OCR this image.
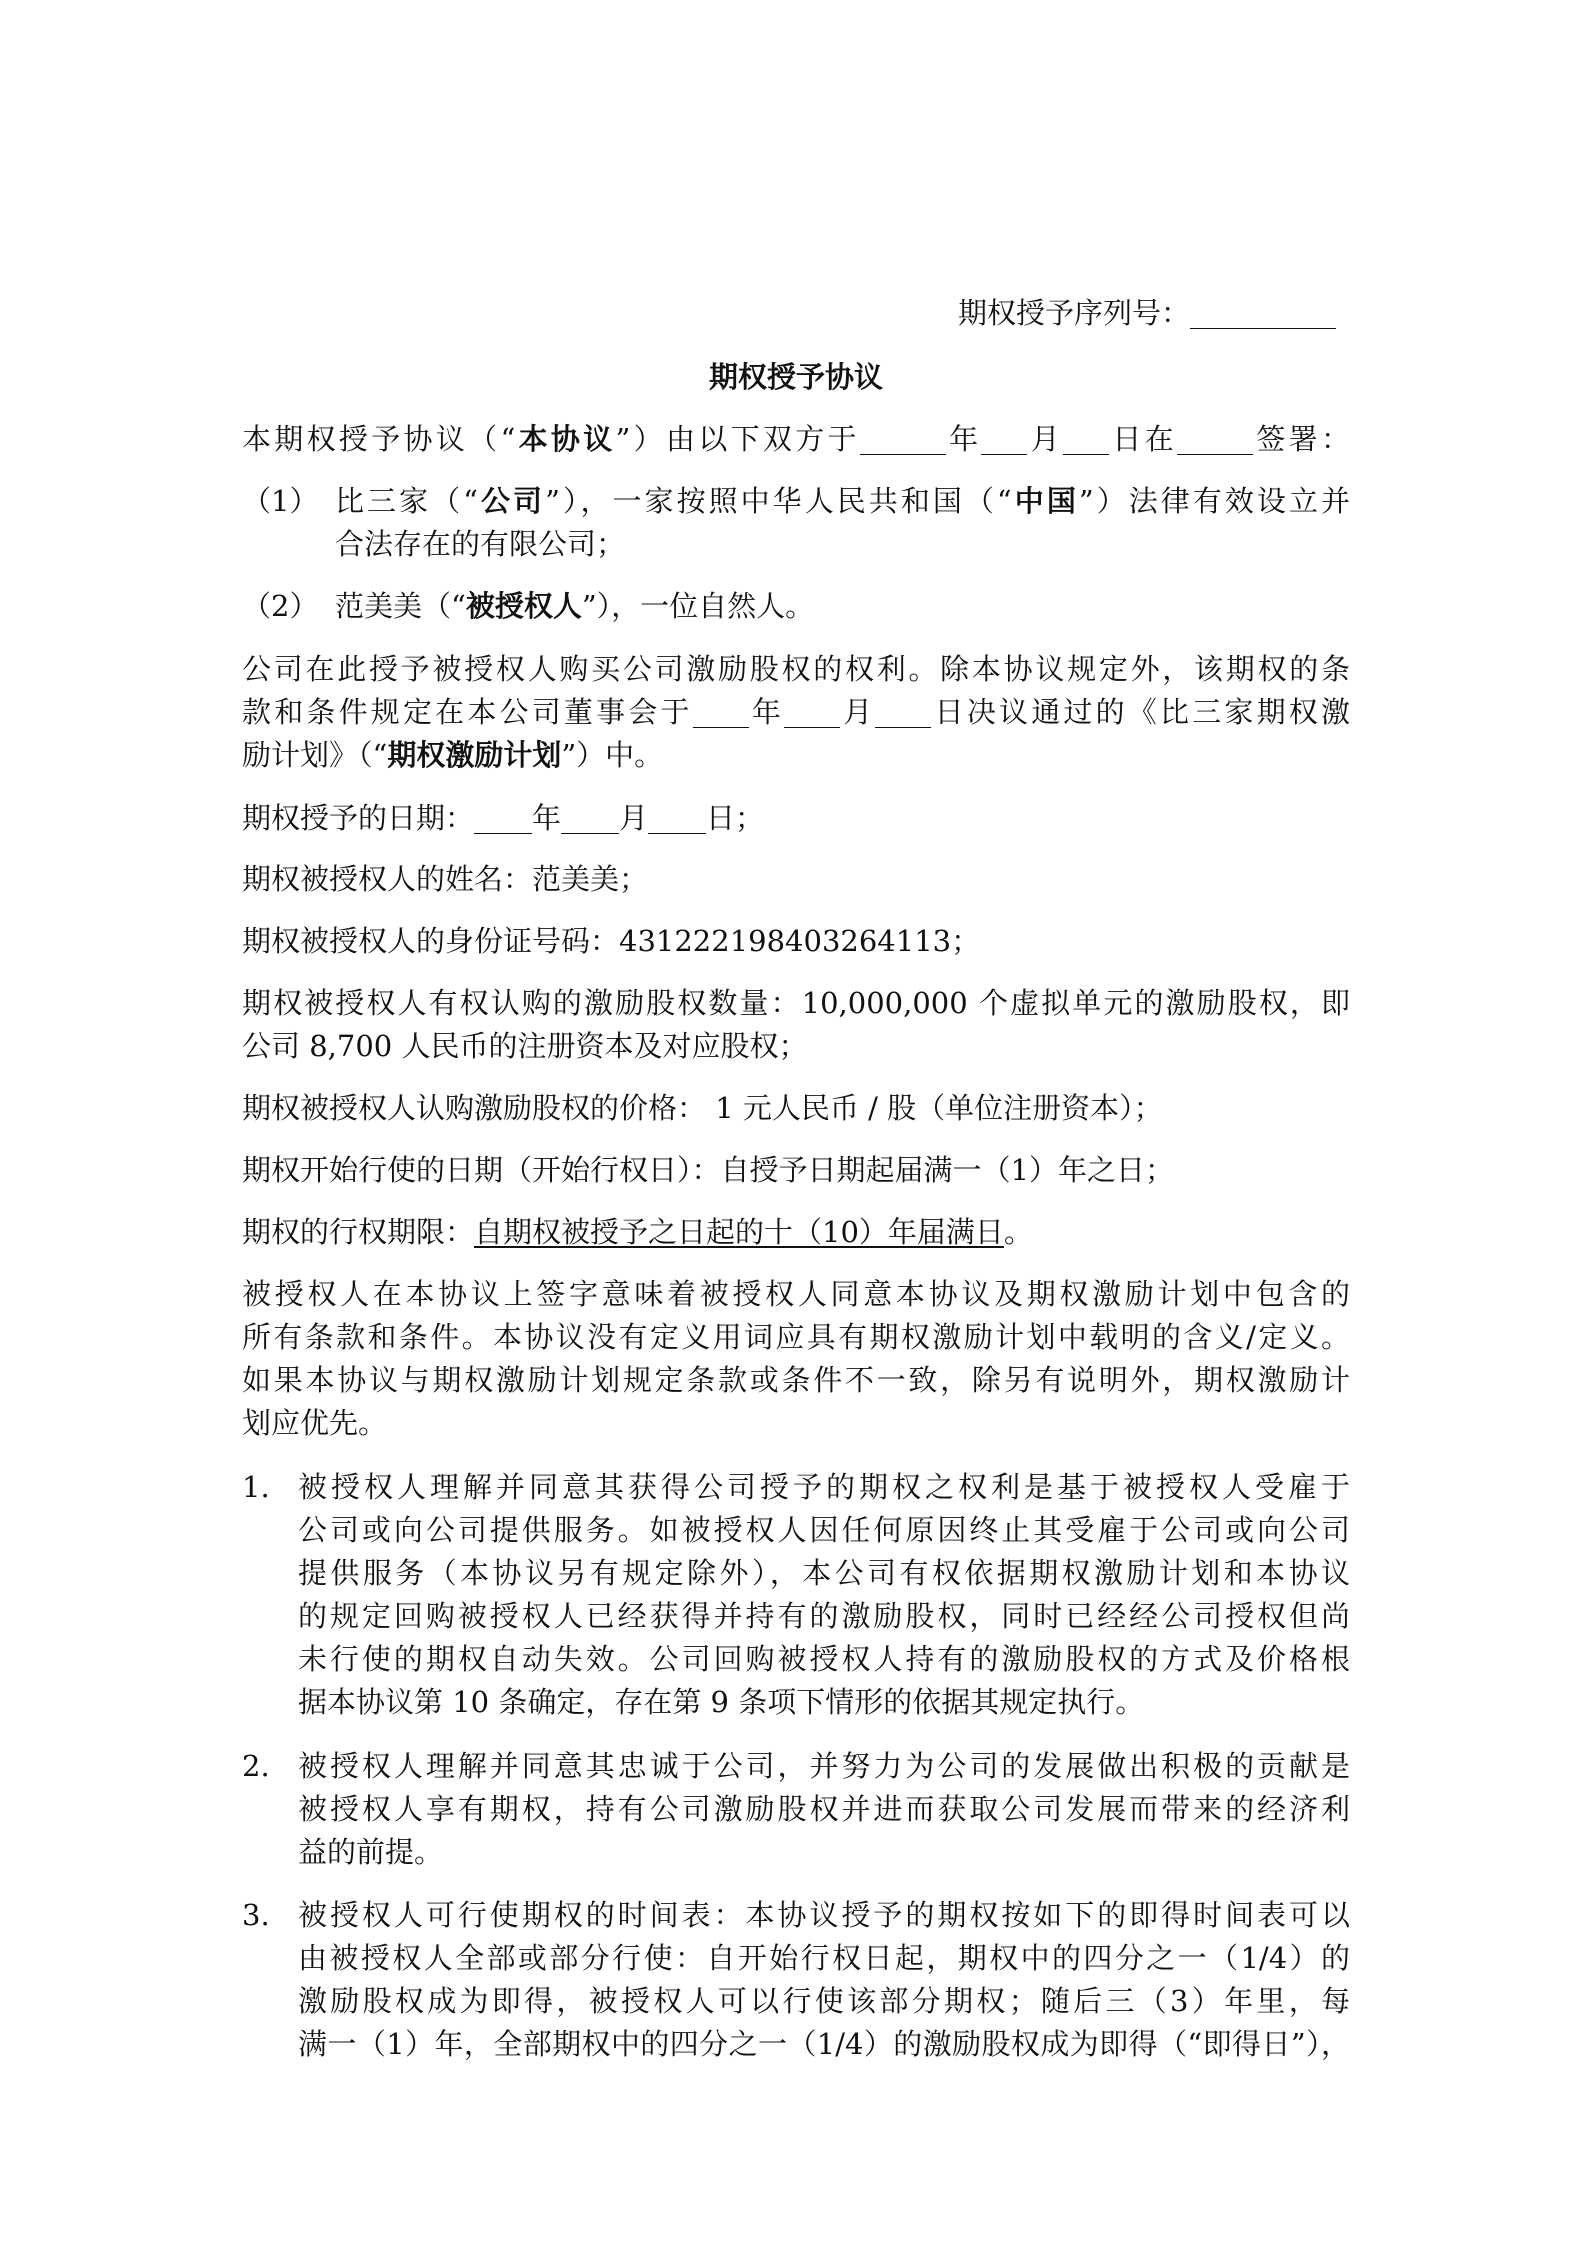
期权授予序列号：
期权授予协议
本期权授予协议（“本协议”）由以下双方于	年 月 日在	签署：
（1） 比三家（“公司”），一家按照中华人民共和国（“中国”）法律有效设立并
合法存在的有限公司；
（2） 范美美（“被授权人”），一位自然人。
公司在此授予被授权人购买公司激励股权的权利。除本协议规定外，该期权的条
款和条件规定在本公司董事会于 年 月 日决议通过的《比三家期权激
励计划》（“期权激励计划”）中。
期权授予的日期： 年 月 日；
期权被授权人的姓名：范美美；
期权被授权人的身份证号码：431222198403264113；
期权被授权人有权认购的激励股权数量：10,000,000 个虚拟单元的激励股权，即
公司 8,700 人民币的注册资本及对应股权；
期权被授权人认购激励股权的价格： 1 元人民币 / 股（单位注册资本）；
期权开始行使的日期（开始行权日）：自授予日期起届满一（1）年之日；
期权的行权期限：自期权被授予之日起的十（10）年届满日。
被授权人在本协议上签字意味着被授权人同意本协议及期权激励计划中包含的
所有条款和条件。本协议没有定义用词应具有期权激励计划中载明的含义/定义。
如果本协议与期权激励计划规定条款或条件不一致，除另有说明外，期权激励计
划应优先。
1. 被授权人理解并同意其获得公司授予的期权之权利是基于被授权人受雇于
公司或向公司提供服务。如被授权人因任何原因终止其受雇于公司或向公司
提供服务（本协议另有规定除外），本公司有权依据期权激励计划和本协议
的规定回购被授权人已经获得并持有的激励股权，同时已经经公司授权但尚
未行使的期权自动失效。公司回购被授权人持有的激励股权的方式及价格根
据本协议第 10 条确定，存在第 9 条项下情形的依据其规定执行。
2. 被授权人理解并同意其忠诚于公司，并努力为公司的发展做出积极的贡献是
被授权人享有期权，持有公司激励股权并进而获取公司发展而带来的经济利
益的前提。
3. 被授权人可行使期权的时间表：本协议授予的期权按如下的即得时间表可以
由被授权人全部或部分行使：自开始行权日起，期权中的四分之一（1/4）的
激励股权成为即得，被授权人可以行使该部分期权；随后三（3）年里，每
满一（1）年，全部期权中的四分之一（1/4）的激励股权成为即得（“即得日”），
